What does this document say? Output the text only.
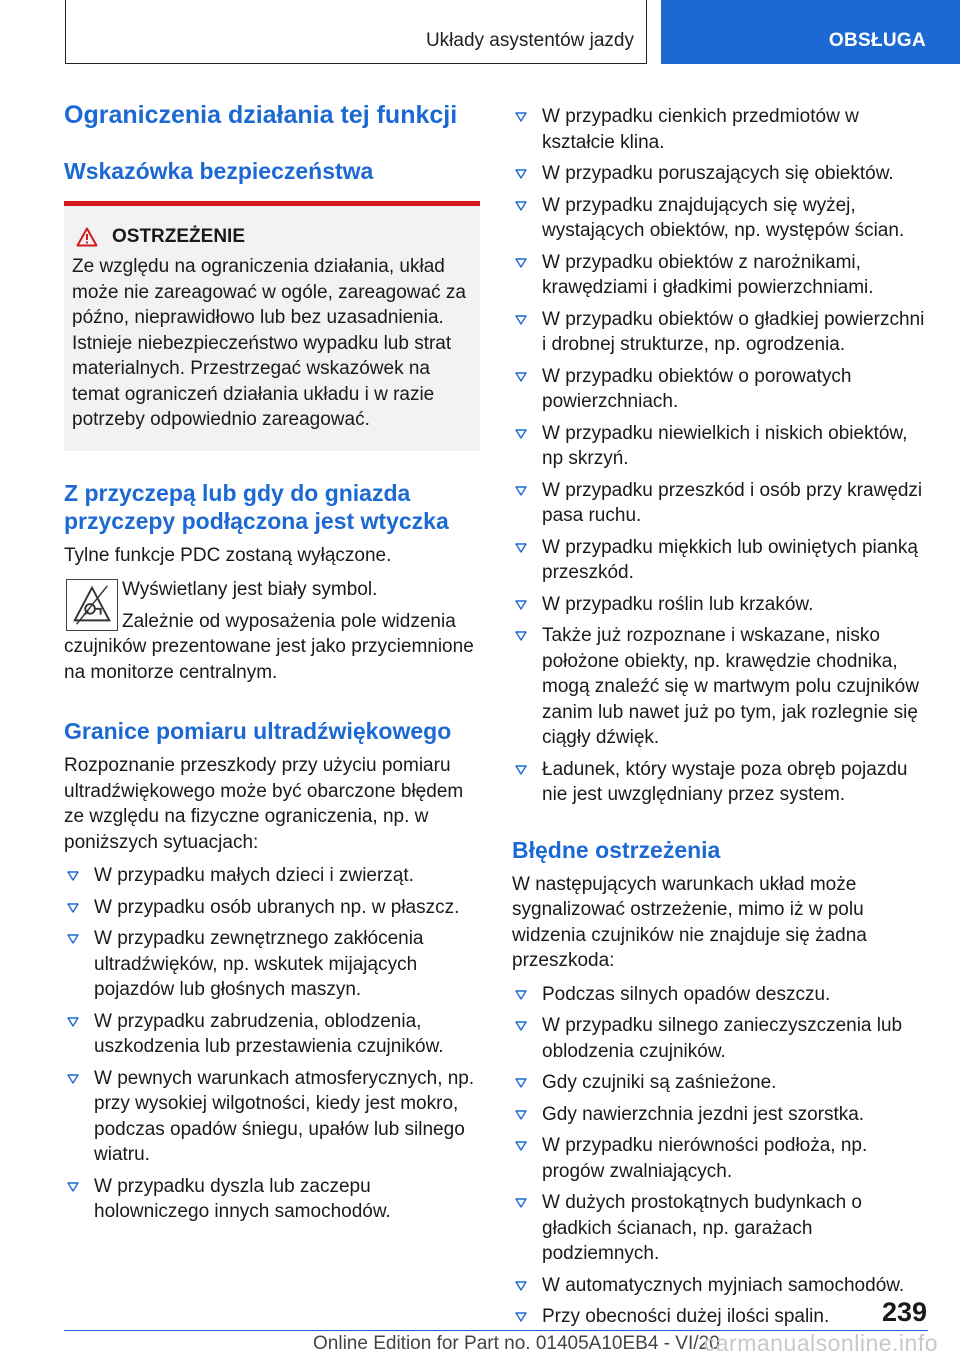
Układy asystentów jazdy	OBSŁUGA
Ograniczenia działania tej funkcji
Wskazówka bezpieczeństwa
OSTRZEŻENIE

Ze względu na ograniczenia działania, układ może nie zareagować w ogóle, zareagować za późno, nieprawidłowo lub bez uzasadnienia. Istnieje niebezpieczeństwo wypadku lub strat materialnych. Przestrzegać wskazówek na temat ograniczeń działania układu i w razie potrzeby odpowiednio zareagować.

Z przyczepą lub gdy do gniazda przyczepy podłączona jest wtyczka

Tylne funkcje PDC zostaną wyłączone.

Wyświetlany jest biały symbol.

Zależnie od wyposażenia pole widzenia czujników prezentowane jest jako przyciemnione na monitorze centralnym.

Granice pomiaru ultradźwiękowego

Rozpoznanie przeszkody przy użyciu pomiaru ultradźwiękowego może być obarczone błędem ze względu na fizyczne ograniczenia, np. w poniższych sytuacjach:

W przypadku małych dzieci i zwierząt.
W przypadku osób ubranych np. w płaszcz.
W przypadku zewnętrznego zakłócenia ultradźwięków, np. wskutek mijających pojazdów lub głośnych maszyn.
W przypadku zabrudzenia, oblodzenia, uszkodzenia lub przestawienia czujników.
W pewnych warunkach atmosferycznych, np. przy wysokiej wilgotności, kiedy jest mokro, podczas opadów śniegu, upałów lub silnego wiatru.
W przypadku dyszla lub zaczepu holowniczego innych samochodów.
W przypadku cienkich przedmiotów w kształcie klina.
W przypadku poruszających się obiektów.
W przypadku znajdujących się wyżej, wystających obiektów, np. występów ścian.
W przypadku obiektów z narożnikami, krawędziami i gładkimi powierzchniami.
W przypadku obiektów o gładkiej powierzchni i drobnej strukturze, np. ogrodzenia.
W przypadku obiektów o porowatych powierzchniach.
W przypadku niewielkich i niskich obiektów, np skrzyń.
W przypadku przeszkód i osób przy krawędzi pasa ruchu.
W przypadku miękkich lub owiniętych pianką przeszkód.
W przypadku roślin lub krzaków.
Także już rozpoznane i wskazane, nisko położone obiekty, np. krawędzie chodnika, mogą znaleźć się w martwym polu czujników zanim lub nawet już po tym, jak rozlegnie się ciągły dźwięk.
Ładunek, który wystaje poza obręb pojazdu nie jest uwzględniany przez system.
Błędne ostrzeżenia

W następujących warunkach układ może sygnalizować ostrzeżenie, mimo iż w polu widzenia czujników nie znajduje się żadna przeszkoda:

Podczas silnych opadów deszczu.
W przypadku silnego zanieczyszczenia lub oblodzenia czujników.
Gdy czujniki są zaśnieżone.
Gdy nawierzchnia jezdni jest szorstka.
W przypadku nierówności podłoża, np. progów zwalniających.
W dużych prostokątnych budynkach o gładkich ścianach, np. garażach podziemnych.
W automatycznych myjniach samochodów.
Przy obecności dużej ilości spalin.	239
Online Edition for Part no. 01405A10EB4 - VI/20
carmanualsonline.info
